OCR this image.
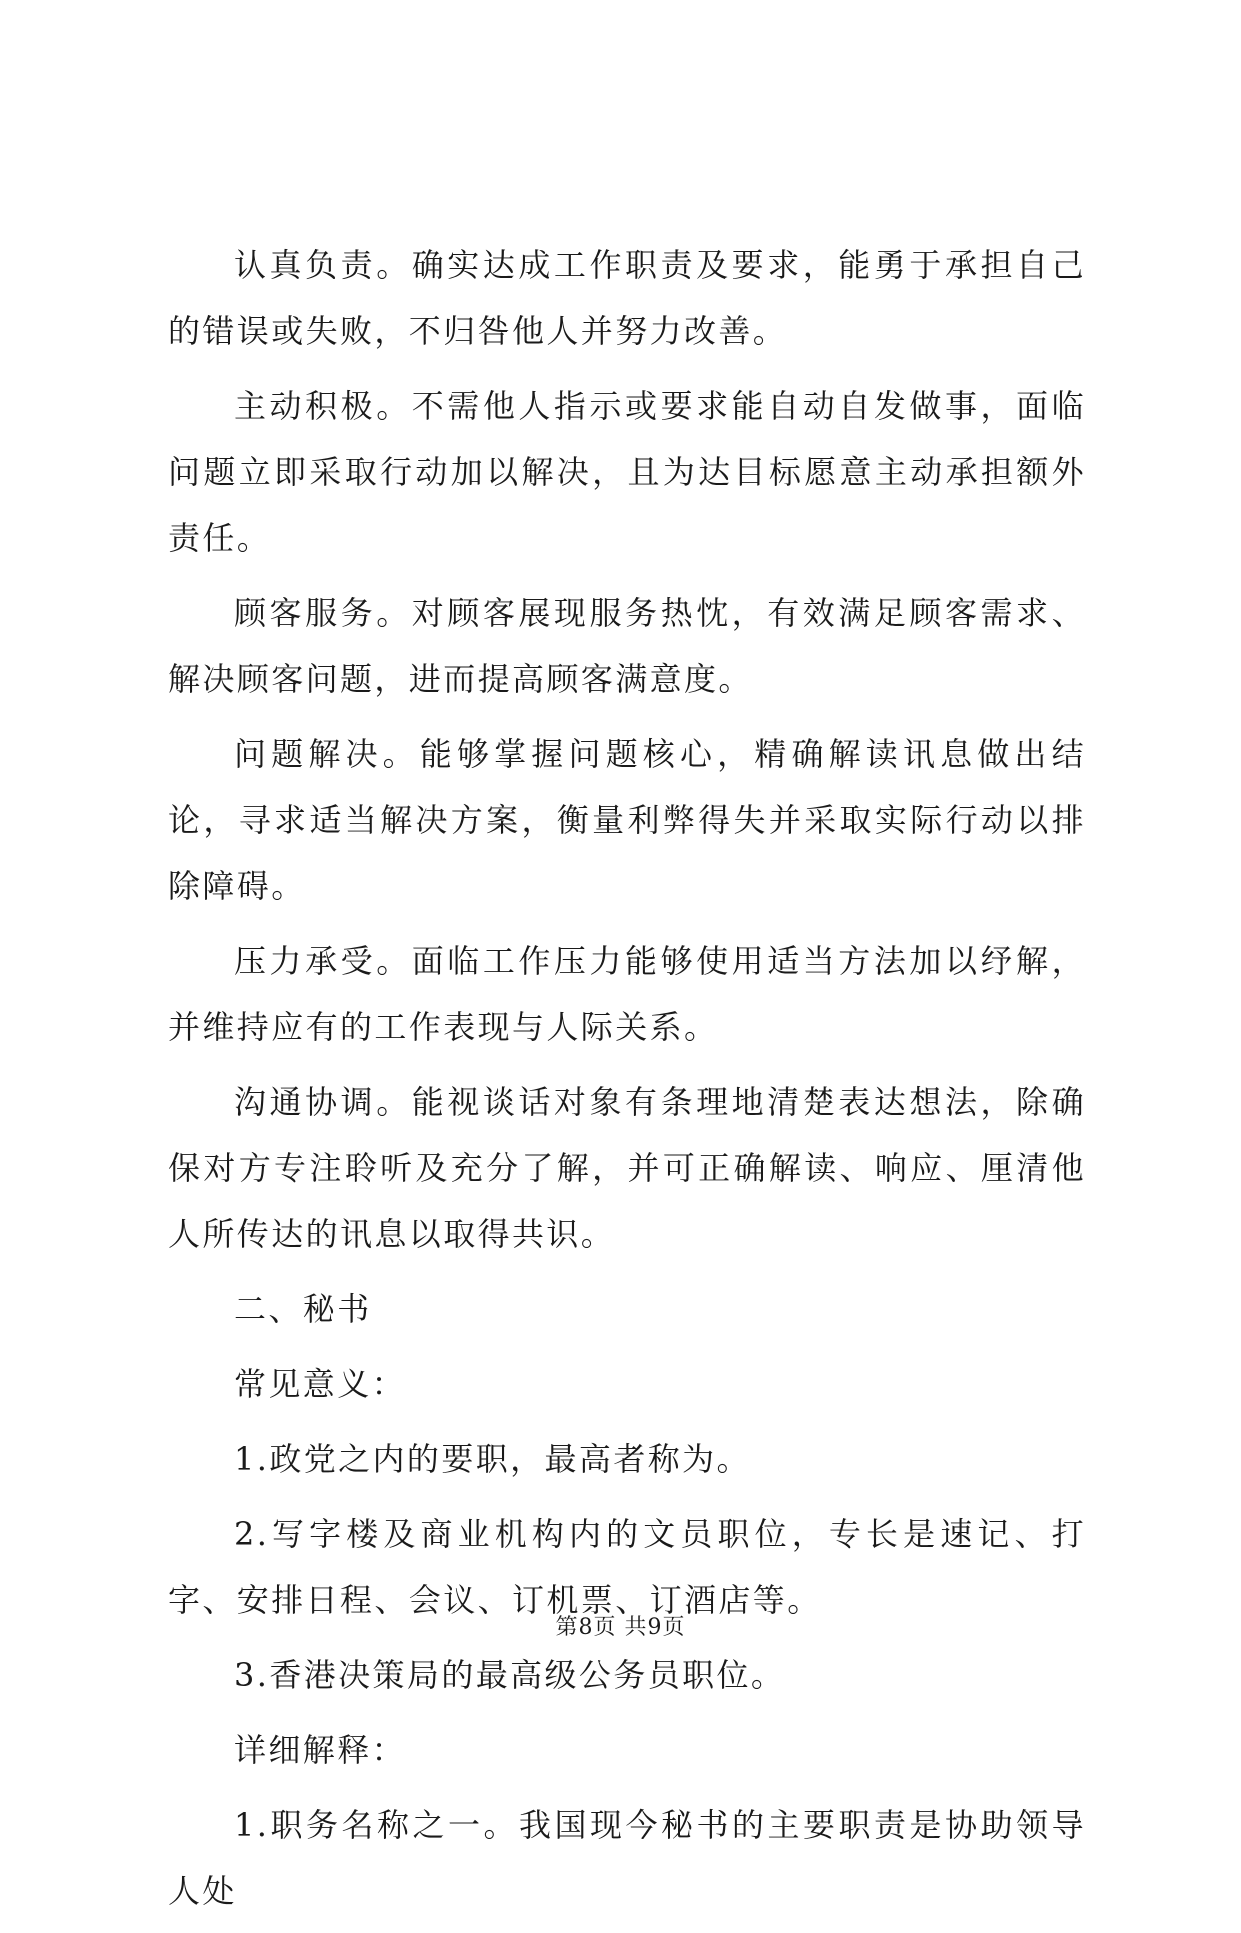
认真负责。确实达成工作职责及要求，能勇于承担自己的错误或失败，不归咎他人并努力改善。

主动积极。不需他人指示或要求能自动自发做事，面临问题立即采取行动加以解决，且为达目标愿意主动承担额外责任。

顾客服务。对顾客展现服务热忱，有效满足顾客需求、解决顾客问题，进而提高顾客满意度。

问题解决。能够掌握问题核心，精确解读讯息做出结论，寻求适当解决方案，衡量利弊得失并采取实际行动以排除障碍。

压力承受。面临工作压力能够使用适当方法加以纾解，并维持应有的工作表现与人际关系。

沟通协调。能视谈话对象有条理地清楚表达想法，除确保对方专注聆听及充分了解，并可正确解读、响应、厘清他人所传达的讯息以取得共识。

二、秘书

常见意义：

1.政党之内的要职，最高者称为。

2.写字楼及商业机构内的文员职位，专长是速记、打字、安排日程、会议、订机票、订酒店等。

3.香港决策局的最高级公务员职位。

详细解释：

1.职务名称之一。我国现今秘书的主要职责是协助领导人处

第8页 共9页
